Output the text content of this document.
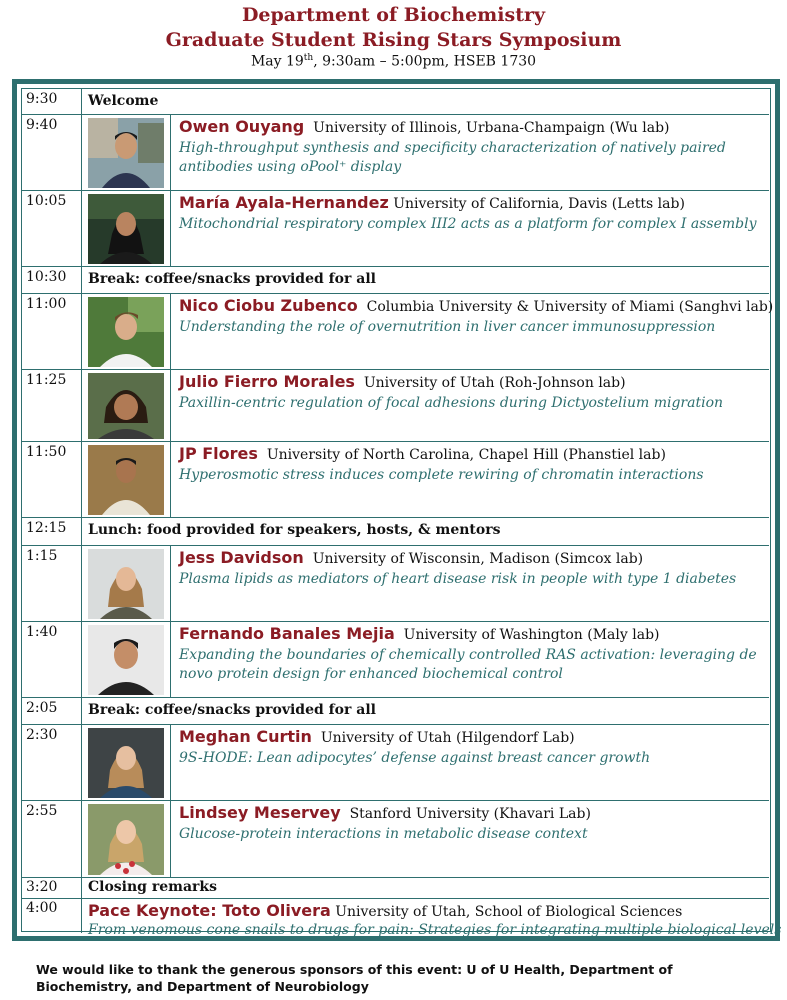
Department of Biochemistry
Graduate Student Rising Stars Symposium
May 19th, 9:30am – 5:00pm, HSEB 1730
9:30 Welcome
9:40	Owen Ouyang University of Illinois, Urbana-Champaign (Wu lab)
High-throughput synthesis and specificity characterization of natively paired antibodies using oPool⁺ display
10:05	María Ayala-Hernandez University of California, Davis (Letts lab)
Mitochondrial respiratory complex III2 acts as a platform for complex I assembly
10:30 Break: coffee/snacks provided for all
11:00	Nico Ciobu Zubenco Columbia University & University of Miami (Sanghvi lab)
Understanding the role of overnutrition in liver cancer immunosuppression
11:25	Julio Fierro Morales University of Utah (Roh-Johnson lab)
Paxillin-centric regulation of focal adhesions during Dictyostelium migration
11:50	JP Flores University of North Carolina, Chapel Hill (Phanstiel lab)
Hyperosmotic stress induces complete rewiring of chromatin interactions
12:15 Lunch: food provided for speakers, hosts, & mentors
1:15	Jess Davidson University of Wisconsin, Madison (Simcox lab)
Plasma lipids as mediators of heart disease risk in people with type 1 diabetes
1:40	Fernando Banales Mejia University of Washington (Maly lab)
Expanding the boundaries of chemically controlled RAS activation: leveraging de novo protein design for enhanced biochemical control
2:05 Break: coffee/snacks provided for all
2:30	Meghan Curtin University of Utah (Hilgendorf Lab)
9S-HODE: Lean adipocytes’ defense against breast cancer growth
2:55	Lindsey Meservey Stanford University (Khavari Lab)
Glucose-protein interactions in metabolic disease context
3:20 Closing remarks
4:00 Pace Keynote: Toto Olivera University of Utah, School of Biological Sciences
From venomous cone snails to drugs for pain: Strategies for integrating multiple biological levels
We would like to thank the generous sponsors of this event: U of U Health, Department of Biochemistry, and Department of Neurobiology
